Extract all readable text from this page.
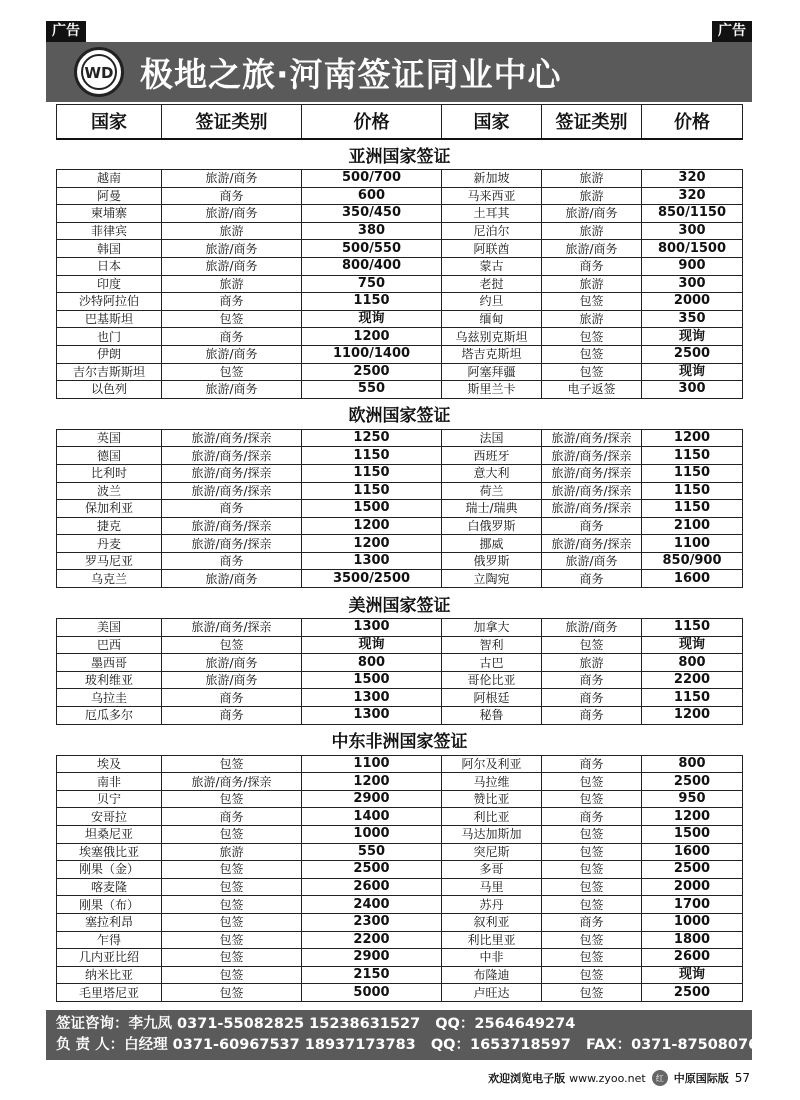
广告	广告
WD 极地之旅·河南签证同业中心
国家	签证类别	价格	国家	签证类别	价格
亚洲国家签证					
越南	旅游/商务	500/700	新加坡	旅游	320
阿曼	商务	600	马来西亚	旅游	320
柬埔寨	旅游/商务	350/450	土耳其	旅游/商务	850/1150
菲律宾	旅游	380	尼泊尔	旅游	300
韩国	旅游/商务	500/550	阿联酋	旅游/商务	800/1500
日本	旅游/商务	800/400	蒙古	商务	900
印度	旅游	750	老挝	旅游	300
沙特阿拉伯	商务	1150	约旦	包签	2000
巴基斯坦	包签	现询	缅甸	旅游	350
也门	商务	1200	乌兹别克斯坦	包签	现询
伊朗	旅游/商务	1100/1400	塔吉克斯坦	包签	2500
吉尔吉斯斯坦	包签	2500	阿塞拜疆	包签	现询
以色列	旅游/商务	550	斯里兰卡	电子返签	300
欧洲国家签证					
英国	旅游/商务/探亲	1250	法国	旅游/商务/探亲	1200
德国	旅游/商务/探亲	1150	西班牙	旅游/商务/探亲	1150
比利时	旅游/商务/探亲	1150	意大利	旅游/商务/探亲	1150
波兰	旅游/商务/探亲	1150	荷兰	旅游/商务/探亲	1150
保加利亚	商务	1500	瑞士/瑞典	旅游/商务/探亲	1150
捷克	旅游/商务/探亲	1200	白俄罗斯	商务	2100
丹麦	旅游/商务/探亲	1200	挪威	旅游/商务/探亲	1100
罗马尼亚	商务	1300	俄罗斯	旅游/商务	850/900
乌克兰	旅游/商务	3500/2500	立陶宛	商务	1600
美洲国家签证					
美国	旅游/商务/探亲	1300	加拿大	旅游/商务	1150
巴西	包签	现询	智利	包签	现询
墨西哥	旅游/商务	800	古巴	旅游	800
玻利维亚	旅游/商务	1500	哥伦比亚	商务	2200
乌拉圭	商务	1300	阿根廷	商务	1150
厄瓜多尔	商务	1300	秘鲁	商务	1200
中东非洲国家签证					
埃及	包签	1100	阿尔及利亚	商务	800
南非	旅游/商务/探亲	1200	马拉维	包签	2500
贝宁	包签	2900	赞比亚	包签	950
安哥拉	商务	1400	利比亚	商务	1200
坦桑尼亚	包签	1000	马达加斯加	包签	1500
埃塞俄比亚	旅游	550	突尼斯	包签	1600
刚果（金）	包签	2500	多哥	包签	2500
喀麦隆	包签	2600	马里	包签	2000
刚果（布）	包签	2400	苏丹	包签	1700
塞拉利昂	包签	2300	叙利亚	商务	1000
乍得	包签	2200	利比里亚	包签	1800
几内亚比绍	包签	2900	中非	包签	2600
纳米比亚	包签	2150	布隆迪	包签	现询
毛里塔尼亚	包签	5000	卢旺达	包签	2500
签证咨询：李九凤 0371-55082825 15238631527 QQ：2564649274
负 责 人：白经理 0371-60967537 18937173783 QQ：1653718597 FAX：0371-87508076
欢迎浏览电子版 www.zyoo.net	红 中原国际版 57
